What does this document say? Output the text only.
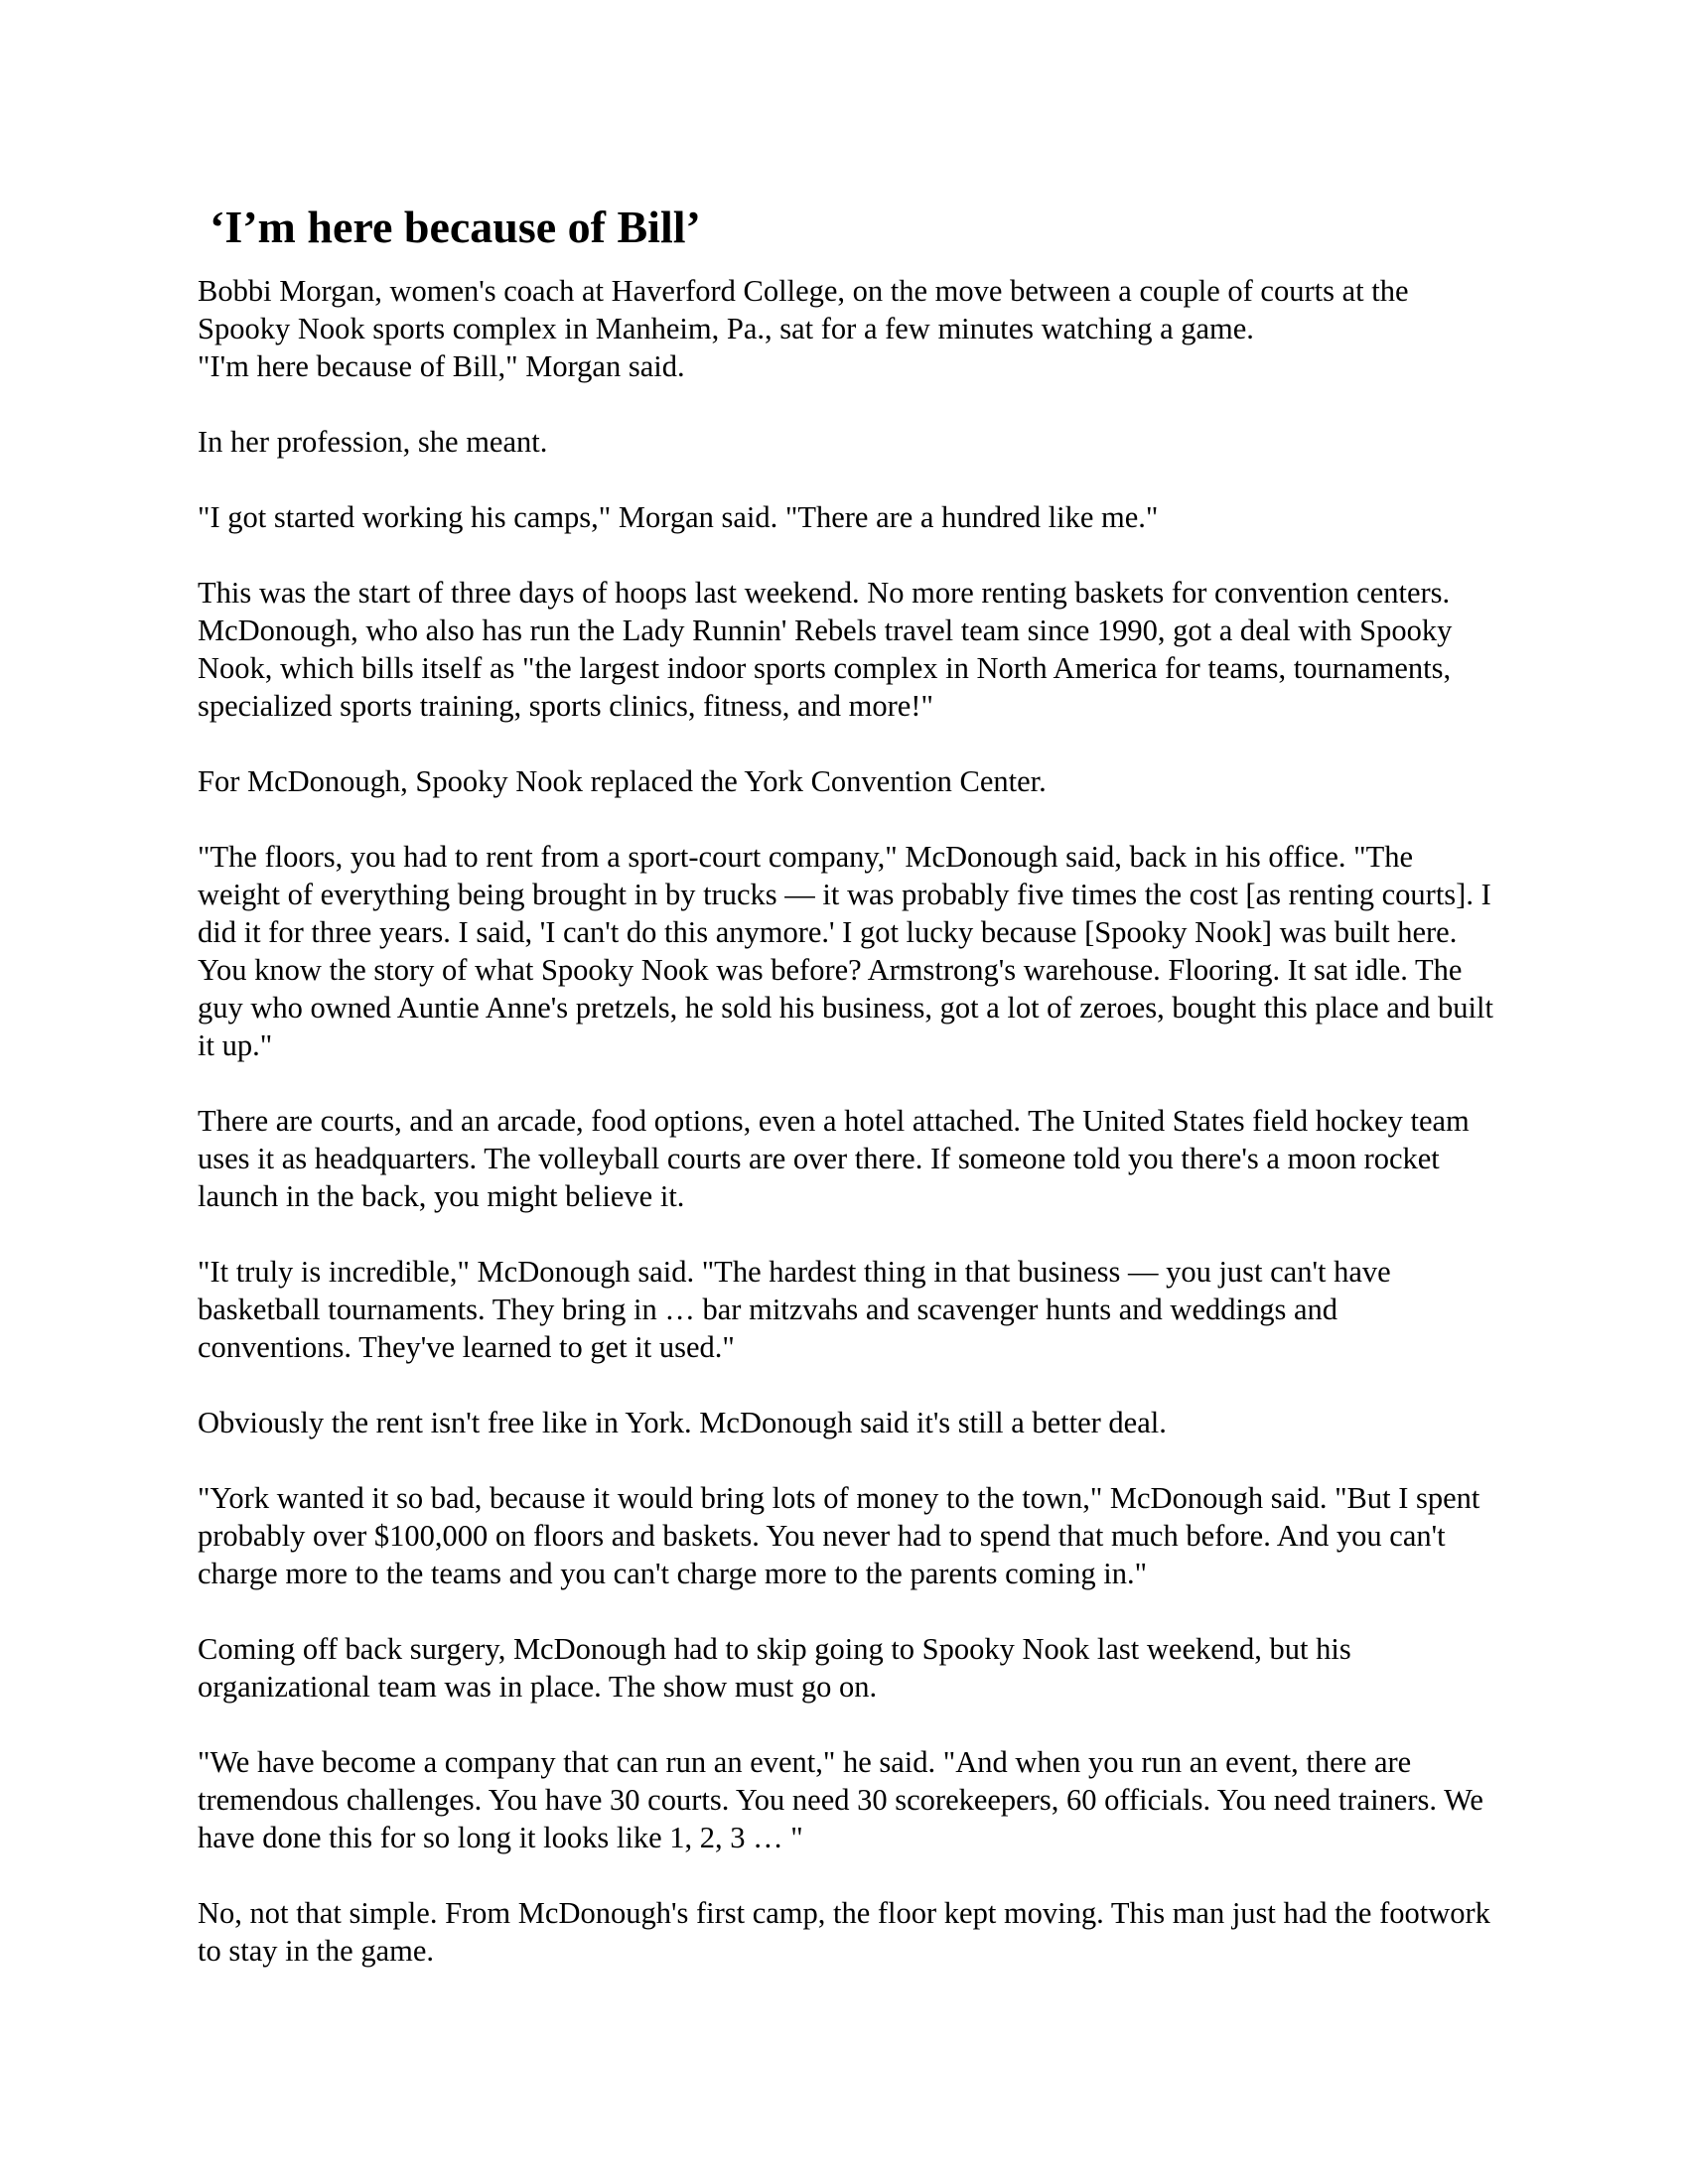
‘I’m here because of Bill’

Bobbi Morgan, women's coach at Haverford College, on the move between a couple of courts at the Spooky Nook sports complex in Manheim, Pa., sat for a few minutes watching a game.

"I'm here because of Bill," Morgan said.

In her profession, she meant.

"I got started working his camps," Morgan said. "There are a hundred like me."

This was the start of three days of hoops last weekend. No more renting baskets for convention centers. McDonough, who also has run the Lady Runnin' Rebels travel team since 1990, got a deal with Spooky Nook, which bills itself as "the largest indoor sports complex in North America for teams, tournaments, specialized sports training, sports clinics, fitness, and more!"

For McDonough, Spooky Nook replaced the York Convention Center.

"The floors, you had to rent from a sport-court company," McDonough said, back in his office. "The weight of everything being brought in by trucks — it was probably five times the cost [as renting courts]. I did it for three years. I said, 'I can't do this anymore.' I got lucky because [Spooky Nook] was built here. You know the story of what Spooky Nook was before? Armstrong's warehouse. Flooring. It sat idle. The guy who owned Auntie Anne's pretzels, he sold his business, got a lot of zeroes, bought this place and built it up."

There are courts, and an arcade, food options, even a hotel attached. The United States field hockey team uses it as headquarters. The volleyball courts are over there. If someone told you there's a moon rocket launch in the back, you might believe it.

"It truly is incredible," McDonough said. "The hardest thing in that business — you just can't have basketball tournaments. They bring in … bar mitzvahs and scavenger hunts and weddings and conventions. They've learned to get it used."

Obviously the rent isn't free like in York. McDonough said it's still a better deal.

"York wanted it so bad, because it would bring lots of money to the town," McDonough said. "But I spent probably over $100,000 on floors and baskets. You never had to spend that much before. And you can't charge more to the teams and you can't charge more to the parents coming in."

Coming off back surgery, McDonough had to skip going to Spooky Nook last weekend, but his organizational team was in place. The show must go on.

"We have become a company that can run an event," he said. "And when you run an event, there are tremendous challenges. You have 30 courts. You need 30 scorekeepers, 60 officials. You need trainers. We have done this for so long it looks like 1, 2, 3 … "

No, not that simple. From McDonough's first camp, the floor kept moving. This man just had the footwork to stay in the game.
